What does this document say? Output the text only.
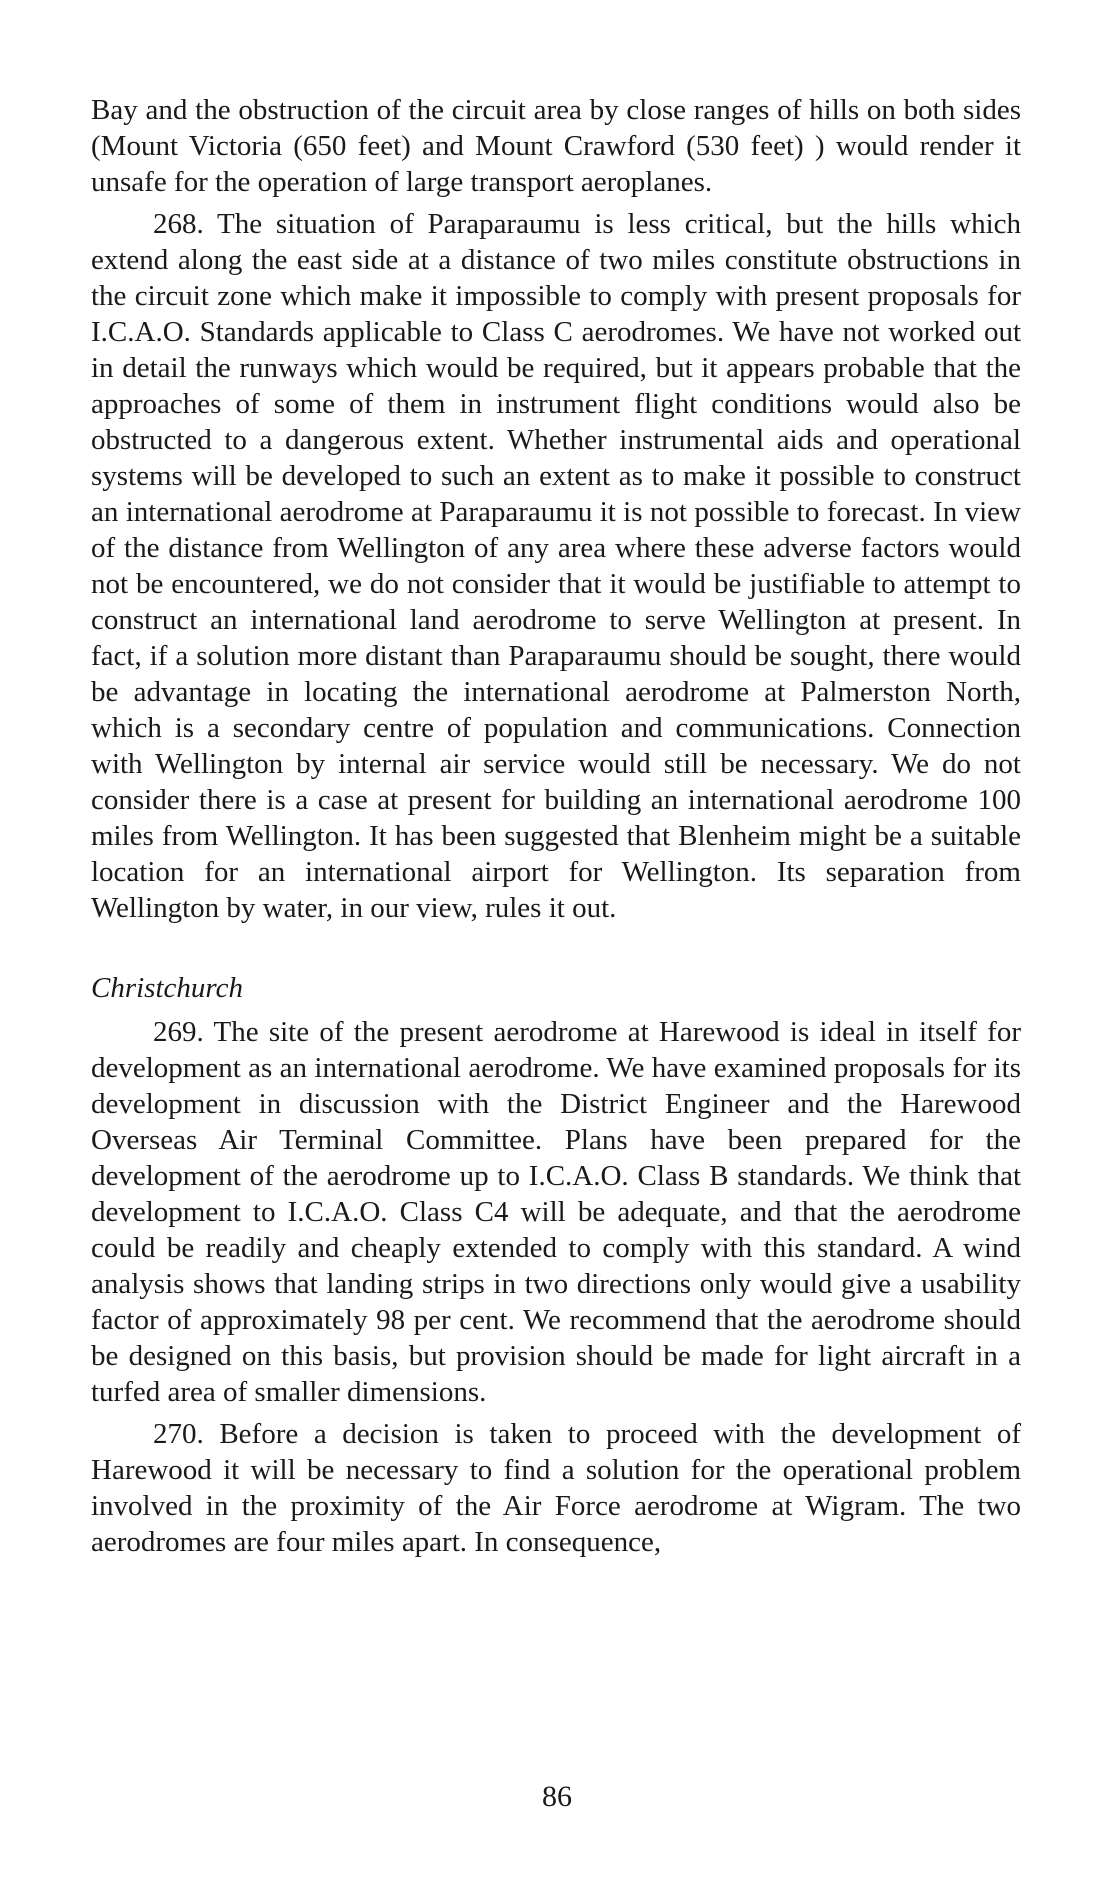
Bay and the obstruction of the circuit area by close ranges of hills on both sides (Mount Victoria (650 feet) and Mount Crawford (530 feet) ) would render it unsafe for the operation of large transport aeroplanes.

268. The situation of Paraparaumu is less critical, but the hills which extend along the east side at a distance of two miles constitute obstructions in the circuit zone which make it impossible to comply with present proposals for I.C.A.O. Standards applicable to Class C aerodromes. We have not worked out in detail the runways which would be required, but it appears probable that the approaches of some of them in instrument flight conditions would also be obstructed to a dangerous extent. Whether instrumental aids and operational systems will be developed to such an extent as to make it possible to construct an international aerodrome at Paraparaumu it is not possible to forecast. In view of the distance from Wellington of any area where these adverse factors would not be encountered, we do not consider that it would be justifiable to attempt to construct an international land aerodrome to serve Wellington at present. In fact, if a solution more distant than Paraparaumu should be sought, there would be advantage in locating the international aerodrome at Palmerston North, which is a secondary centre of population and communications. Connection with Wellington by internal air service would still be necessary. We do not consider there is a case at present for building an international aerodrome 100 miles from Wellington. It has been suggested that Blenheim might be a suitable location for an international airport for Wellington. Its separation from Wellington by water, in our view, rules it out.

Christchurch

269. The site of the present aerodrome at Harewood is ideal in itself for development as an international aerodrome. We have examined proposals for its development in discussion with the District Engineer and the Harewood Overseas Air Terminal Committee. Plans have been prepared for the development of the aerodrome up to I.C.A.O. Class B standards. We think that development to I.C.A.O. Class C4 will be adequate, and that the aerodrome could be readily and cheaply extended to comply with this standard. A wind analysis shows that landing strips in two directions only would give a usability factor of approximately 98 per cent. We recommend that the aerodrome should be designed on this basis, but provision should be made for light aircraft in a turfed area of smaller dimensions.

270. Before a decision is taken to proceed with the development of Harewood it will be necessary to find a solution for the operational problem involved in the proximity of the Air Force aerodrome at Wigram. The two aerodromes are four miles apart. In consequence,

86
